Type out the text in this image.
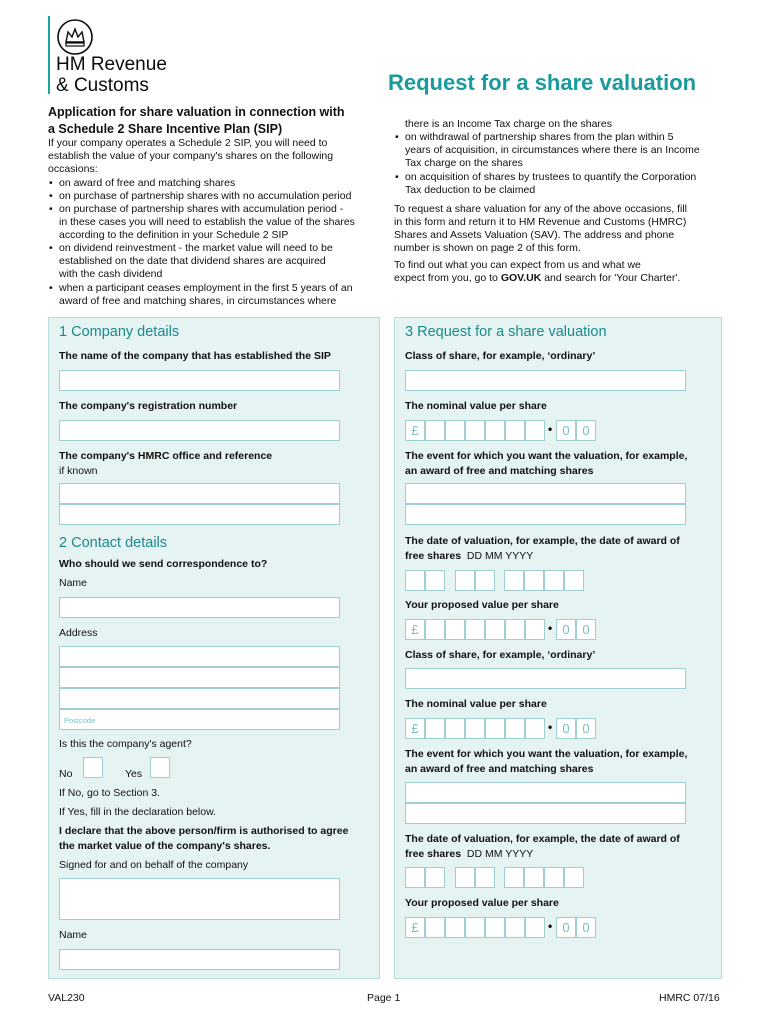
HM Revenue
& Customs	Request for a share valuation
Application for share valuation in connection with
a Schedule 2 Share Incentive Plan (SIP)
If your company operates a Schedule 2 SIP, you will need to
establish the value of your company's shares on the following
occasions:
• on award of free and matching shares
• on purchase of partnership shares with no accumulation period
• on purchase of partnership shares with accumulation period -
in these cases you will need to establish the value of the shares
according to the definition in your Schedule 2 SIP
• on dividend reinvestment - the market value will need to be
established on the date that dividend shares are acquired
with the cash dividend
• when a participant ceases employment in the first 5 years of an
award of free and matching shares, in circumstances where
there is an Income Tax charge on the shares
• on withdrawal of partnership shares from the plan within 5
years of acquisition, in circumstances where there is an Income
Tax charge on the shares
• on acquisition of shares by trustees to quantify the Corporation
Tax deduction to be claimed
To request a share valuation for any of the above occasions, fill
in this form and return it to HM Revenue and Customs (HMRC)
Shares and Assets Valuation (SAV). The address and phone
number is shown on page 2 of this form.
To find out what you can expect from us and what we
expect from you, go to GOV.UK and search for 'Your Charter'.
1 Company details
The name of the company that has established the SIP
The company's registration number
The company's HMRC office and reference
if known
2 Contact details
Who should we send correspondence to?
Name
Address
Postcode
Is this the company's agent?
No	Yes
If No, go to Section 3.
If Yes, fill in the declaration below.
I declare that the above person/firm is authorised to agree
the market value of the company's shares.
Signed for and on behalf of the company
Name
3 Request for a share valuation
Class of share, for example, ‘ordinary’
The nominal value per share
The event for which you want the valuation, for example,
an award of free and matching shares
The date of valuation, for example, the date of award of
free shares DD MM YYYY
Your proposed value per share
Class of share, for example, ‘ordinary’
The nominal value per share
The event for which you want the valuation, for example,
an award of free and matching shares
The date of valuation, for example, the date of award of
free shares DD MM YYYY
Your proposed value per share
VAL230	Page 1	HMRC 07/16
£	• 0 0
£	• 0 0
£	• 0 0
£	• 0 0
